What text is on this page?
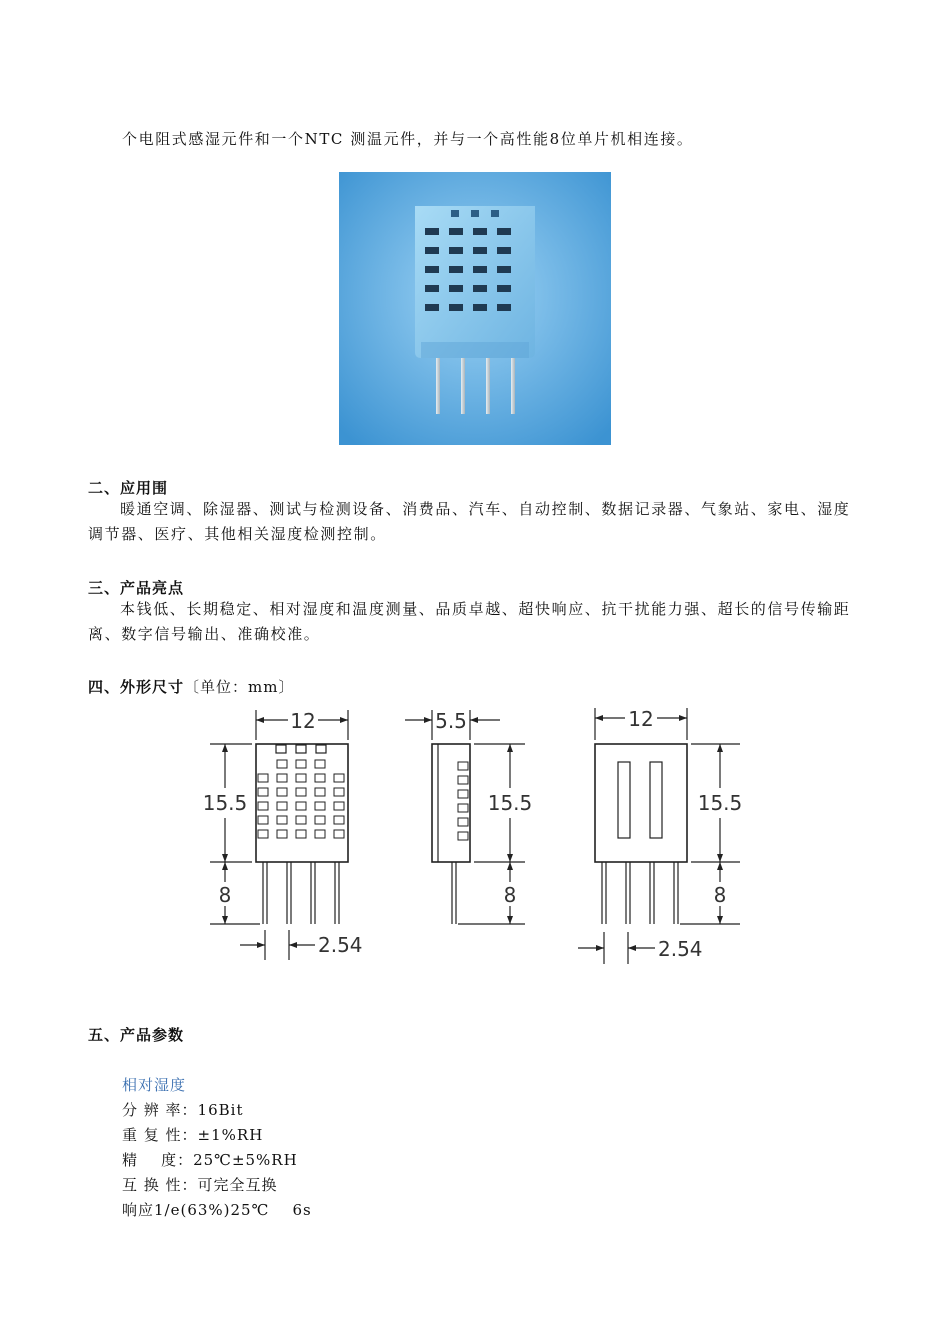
个电阻式感湿元件和一个NTC 测温元件，并与一个高性能8位单片机相连接。
二、应用围
暖通空调、除湿器、测试与检测设备、消费品、汽车、自动控制、数据记录器、气象站、家电、湿度调节器、医疗、其他相关湿度检测控制。
三、产品亮点
本钱低、长期稳定、相对湿度和温度测量、品质卓越、超快响应、抗干扰能力强、超长的信号传输距离、数字信号输出、准确校准。
四、外形尺寸〔单位：mm〕
12
15.5
8
2.54
5.5
15.5
8
12
15.5
8
2.54
五、产品参数
相对湿度
分 辨 率：16Bit
重 复 性：±1%RH
精    度：25℃±5%RH
互 换 性：可完全互换
响应1/e(63%)25℃    6s
